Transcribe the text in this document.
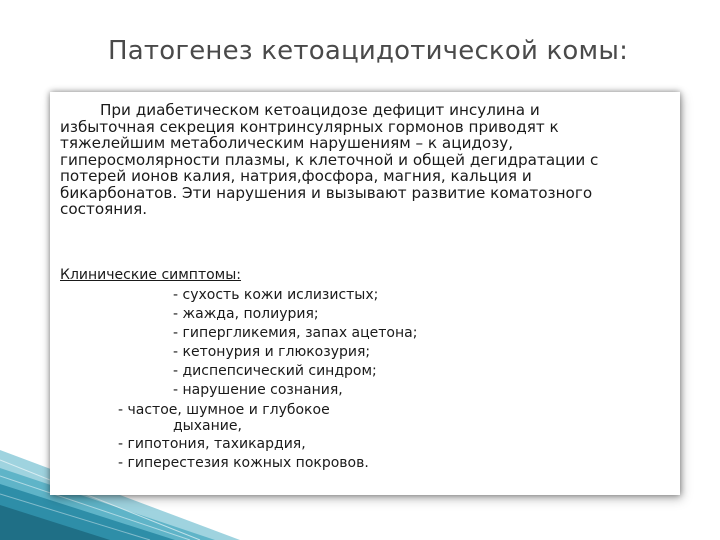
Патогенез кетоацидотической комы:

При диабетическом кетоацидозе дефицит инсулина и
избыточная секреция контринсулярных гормонов приводят к
тяжелейшим метаболическим нарушениям – к ацидозу,
гиперосмолярности плазмы, к клеточной и общей дегидратации с
потерей ионов калия, натрия,фосфора, магния, кальция и
бикарбонатов. Эти нарушения и вызывают развитие коматозного
состояния.

Клинические симптомы:
- сухость кожи ислизистых;
- жажда, полиурия;
- гипергликемия, запах ацетона;
- кетонурия и глюкозурия;
- диспепсический синдром;
- нарушение сознания,
- частое, шумное и глубокое
дыхание,
- гипотония, тахикардия,
- гиперестезия кожных покровов.
